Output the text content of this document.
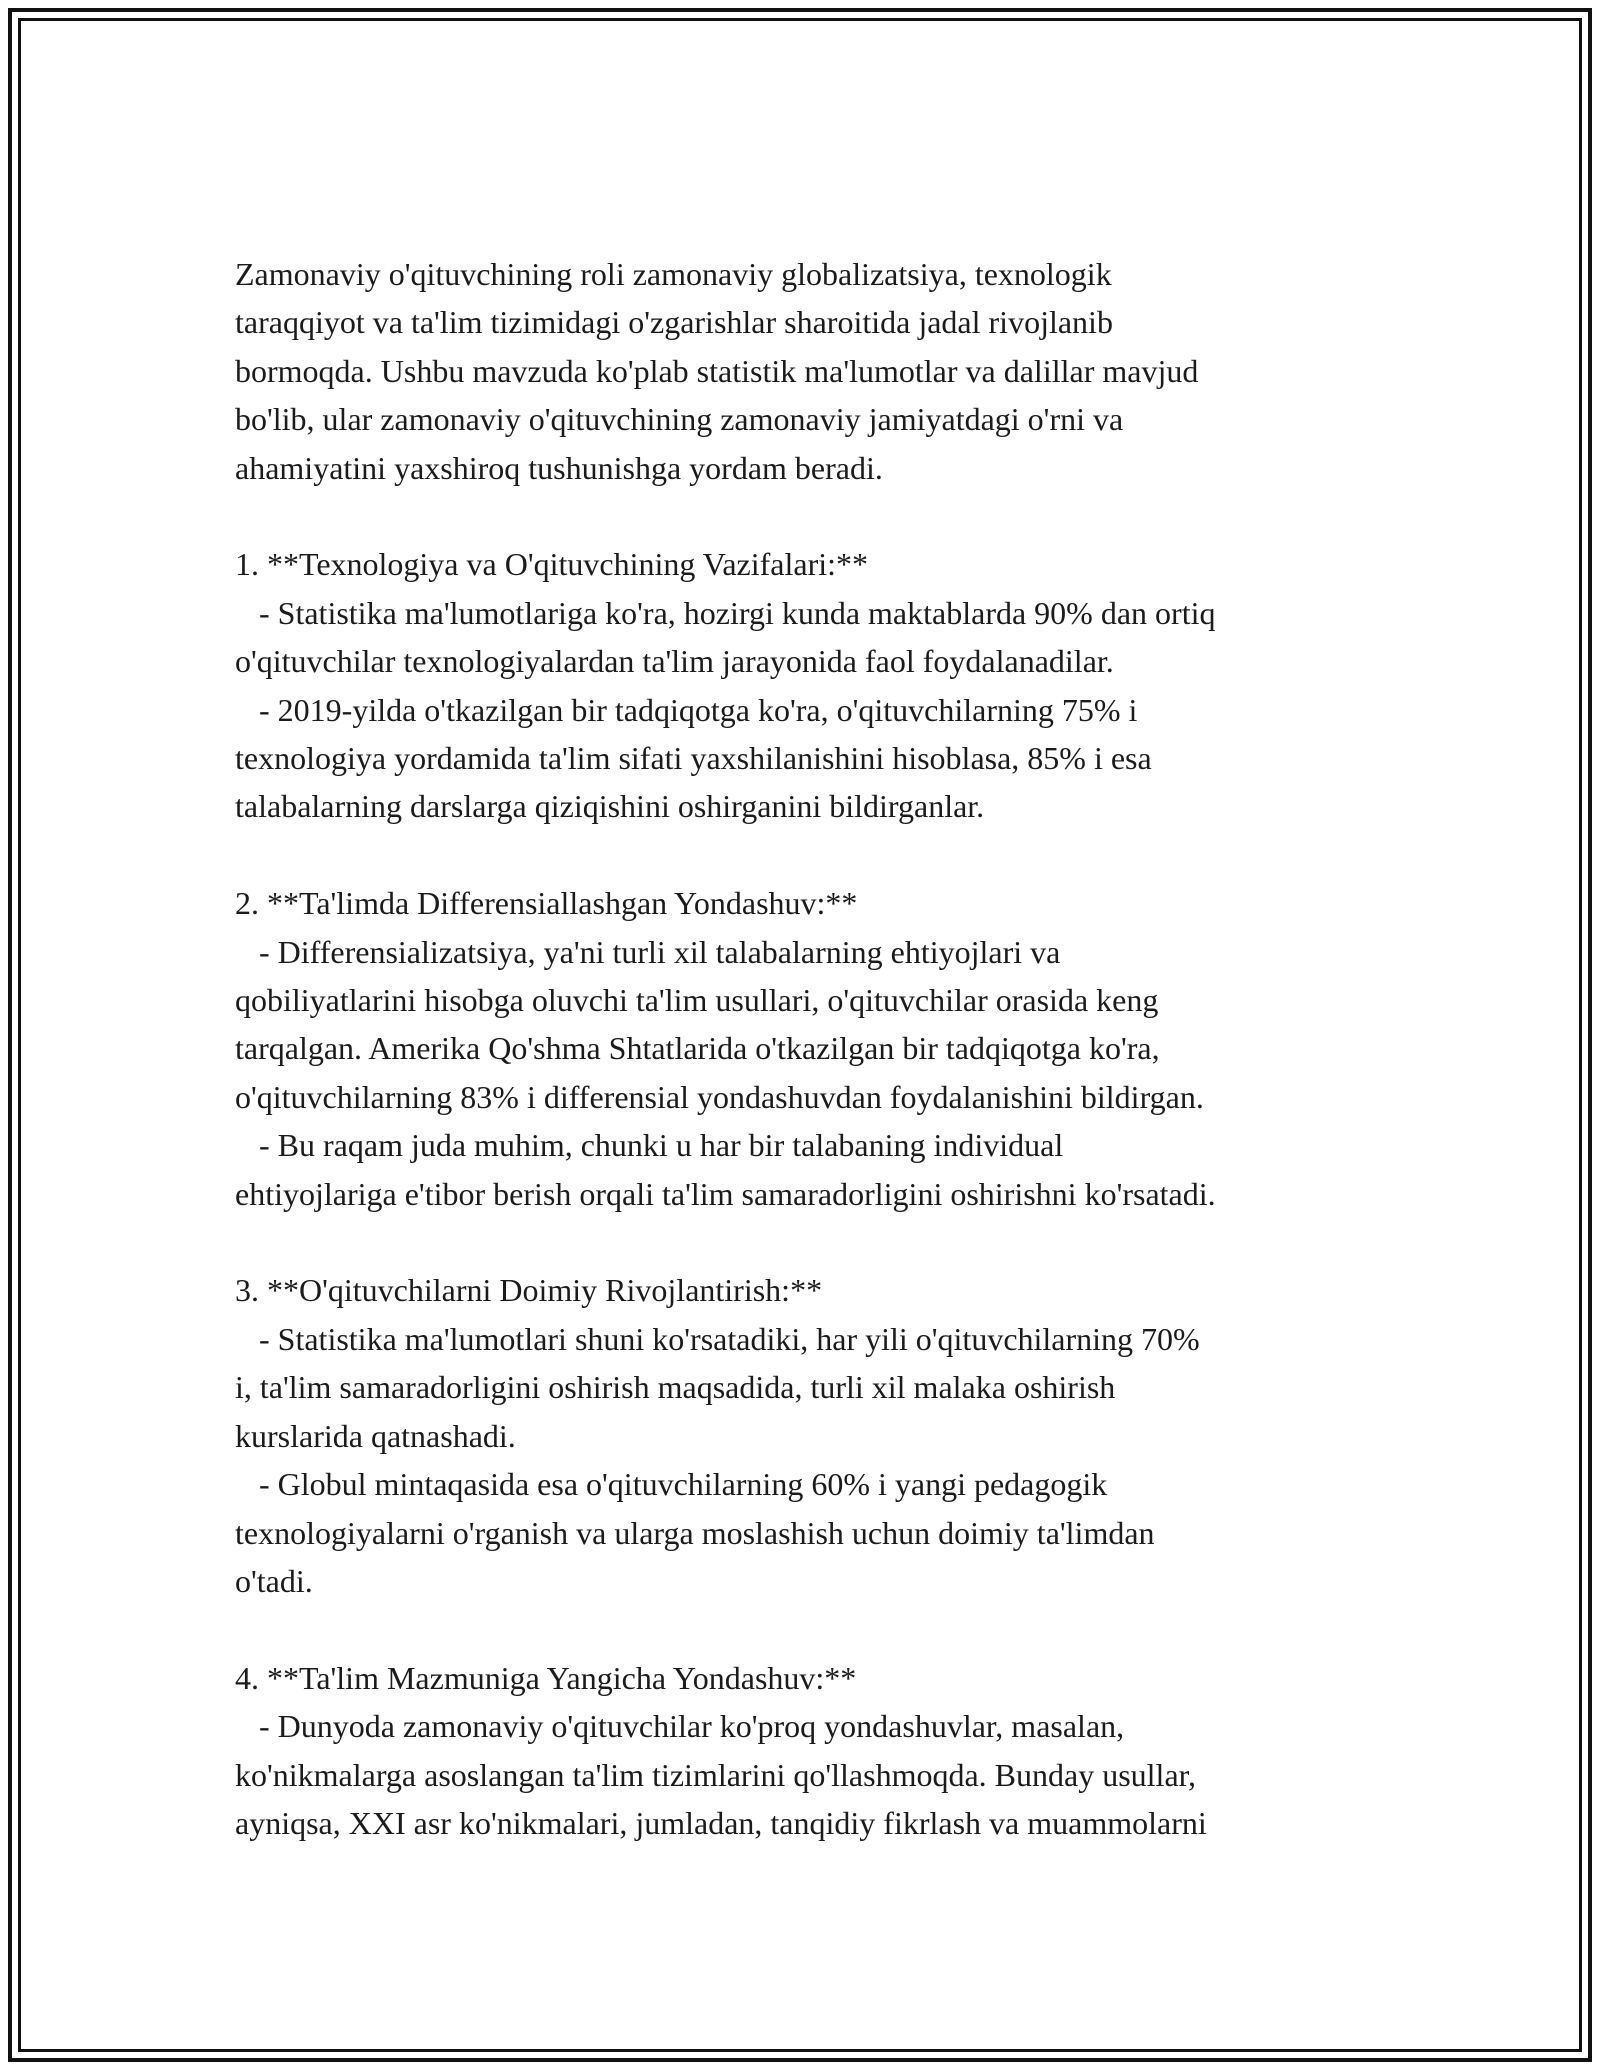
Zamonaviy o'qituvchining roli zamonaviy globalizatsiya, texnologik

taraqqiyot va ta'lim tizimidagi o'zgarishlar sharoitida jadal rivojlanib

bormoqda. Ushbu mavzuda ko'plab statistik ma'lumotlar va dalillar mavjud

bo'lib, ular zamonaviy o'qituvchining zamonaviy jamiyatdagi o'rni va

ahamiyatini yaxshiroq tushunishga yordam beradi.

1. **Texnologiya va O'qituvchining Vazifalari:**

- Statistika ma'lumotlariga ko'ra, hozirgi kunda maktablarda 90% dan ortiq

o'qituvchilar texnologiyalardan ta'lim jarayonida faol foydalanadilar.

- 2019-yilda o'tkazilgan bir tadqiqotga ko'ra, o'qituvchilarning 75% i

texnologiya yordamida ta'lim sifati yaxshilanishini hisoblasa, 85% i esa

talabalarning darslarga qiziqishini oshirganini bildirganlar.

2. **Ta'limda Differensiallashgan Yondashuv:**

- Differensializatsiya, ya'ni turli xil talabalarning ehtiyojlari va

qobiliyatlarini hisobga oluvchi ta'lim usullari, o'qituvchilar orasida keng

tarqalgan. Amerika Qo'shma Shtatlarida o'tkazilgan bir tadqiqotga ko'ra,

o'qituvchilarning 83% i differensial yondashuvdan foydalanishini bildirgan.

- Bu raqam juda muhim, chunki u har bir talabaning individual

ehtiyojlariga e'tibor berish orqali ta'lim samaradorligini oshirishni ko'rsatadi.

3. **O'qituvchilarni Doimiy Rivojlantirish:**

- Statistika ma'lumotlari shuni ko'rsatadiki, har yili o'qituvchilarning 70%

i, ta'lim samaradorligini oshirish maqsadida, turli xil malaka oshirish

kurslarida qatnashadi.

- Globul mintaqasida esa o'qituvchilarning 60% i yangi pedagogik

texnologiyalarni o'rganish va ularga moslashish uchun doimiy ta'limdan

o'tadi.

4. **Ta'lim Mazmuniga Yangicha Yondashuv:**

- Dunyoda zamonaviy o'qituvchilar ko'proq yondashuvlar, masalan,

ko'nikmalarga asoslangan ta'lim tizimlarini qo'llashmoqda. Bunday usullar,

ayniqsa, XXI asr ko'nikmalari, jumladan, tanqidiy fikrlash va muammolarni
